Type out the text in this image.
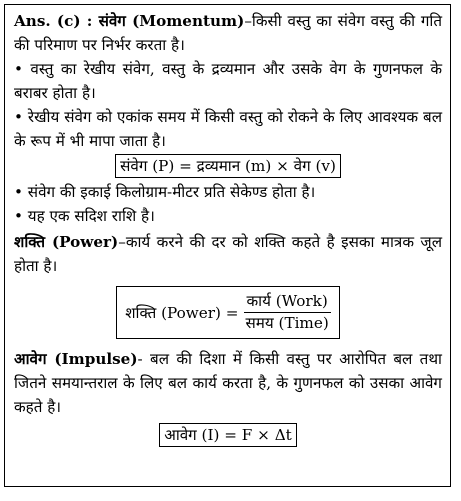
Ans. (c) : संवेग (Momentum)–किसी वस्तु का संवेग वस्तु की गति की परिमाण पर निर्भर करता है।

• वस्तु का रेखीय संवेग, वस्तु के द्रव्यमान और उसके वेग के गुणनफल के बराबर होता है।

• रेखीय संवेग को एकांक समय में किसी वस्तु को रोकने के लिए आवश्यक बल के रूप में भी मापा जाता है।

संवेग (P) = द्रव्यमान (m) × वेग (v)

• संवेग की इकाई किलोग्राम-मीटर प्रति सेकेण्ड होता है।

• यह एक सदिश राशि है।

शक्ति (Power)–कार्य करने की दर को शक्ति कहते है इसका मात्रक जूल होता है।

शक्ति (Power) = $\frac{\text{कार्य (Work)}}{\text{समय (Time)}}$

आवेग (Impulse)- बल की दिशा में किसी वस्तु पर आरोपित बल तथा जितने समयान्तराल के लिए बल कार्य करता है, के गुणनफल को उसका आवेग कहते है।

आवेग (I) = F × Δt
